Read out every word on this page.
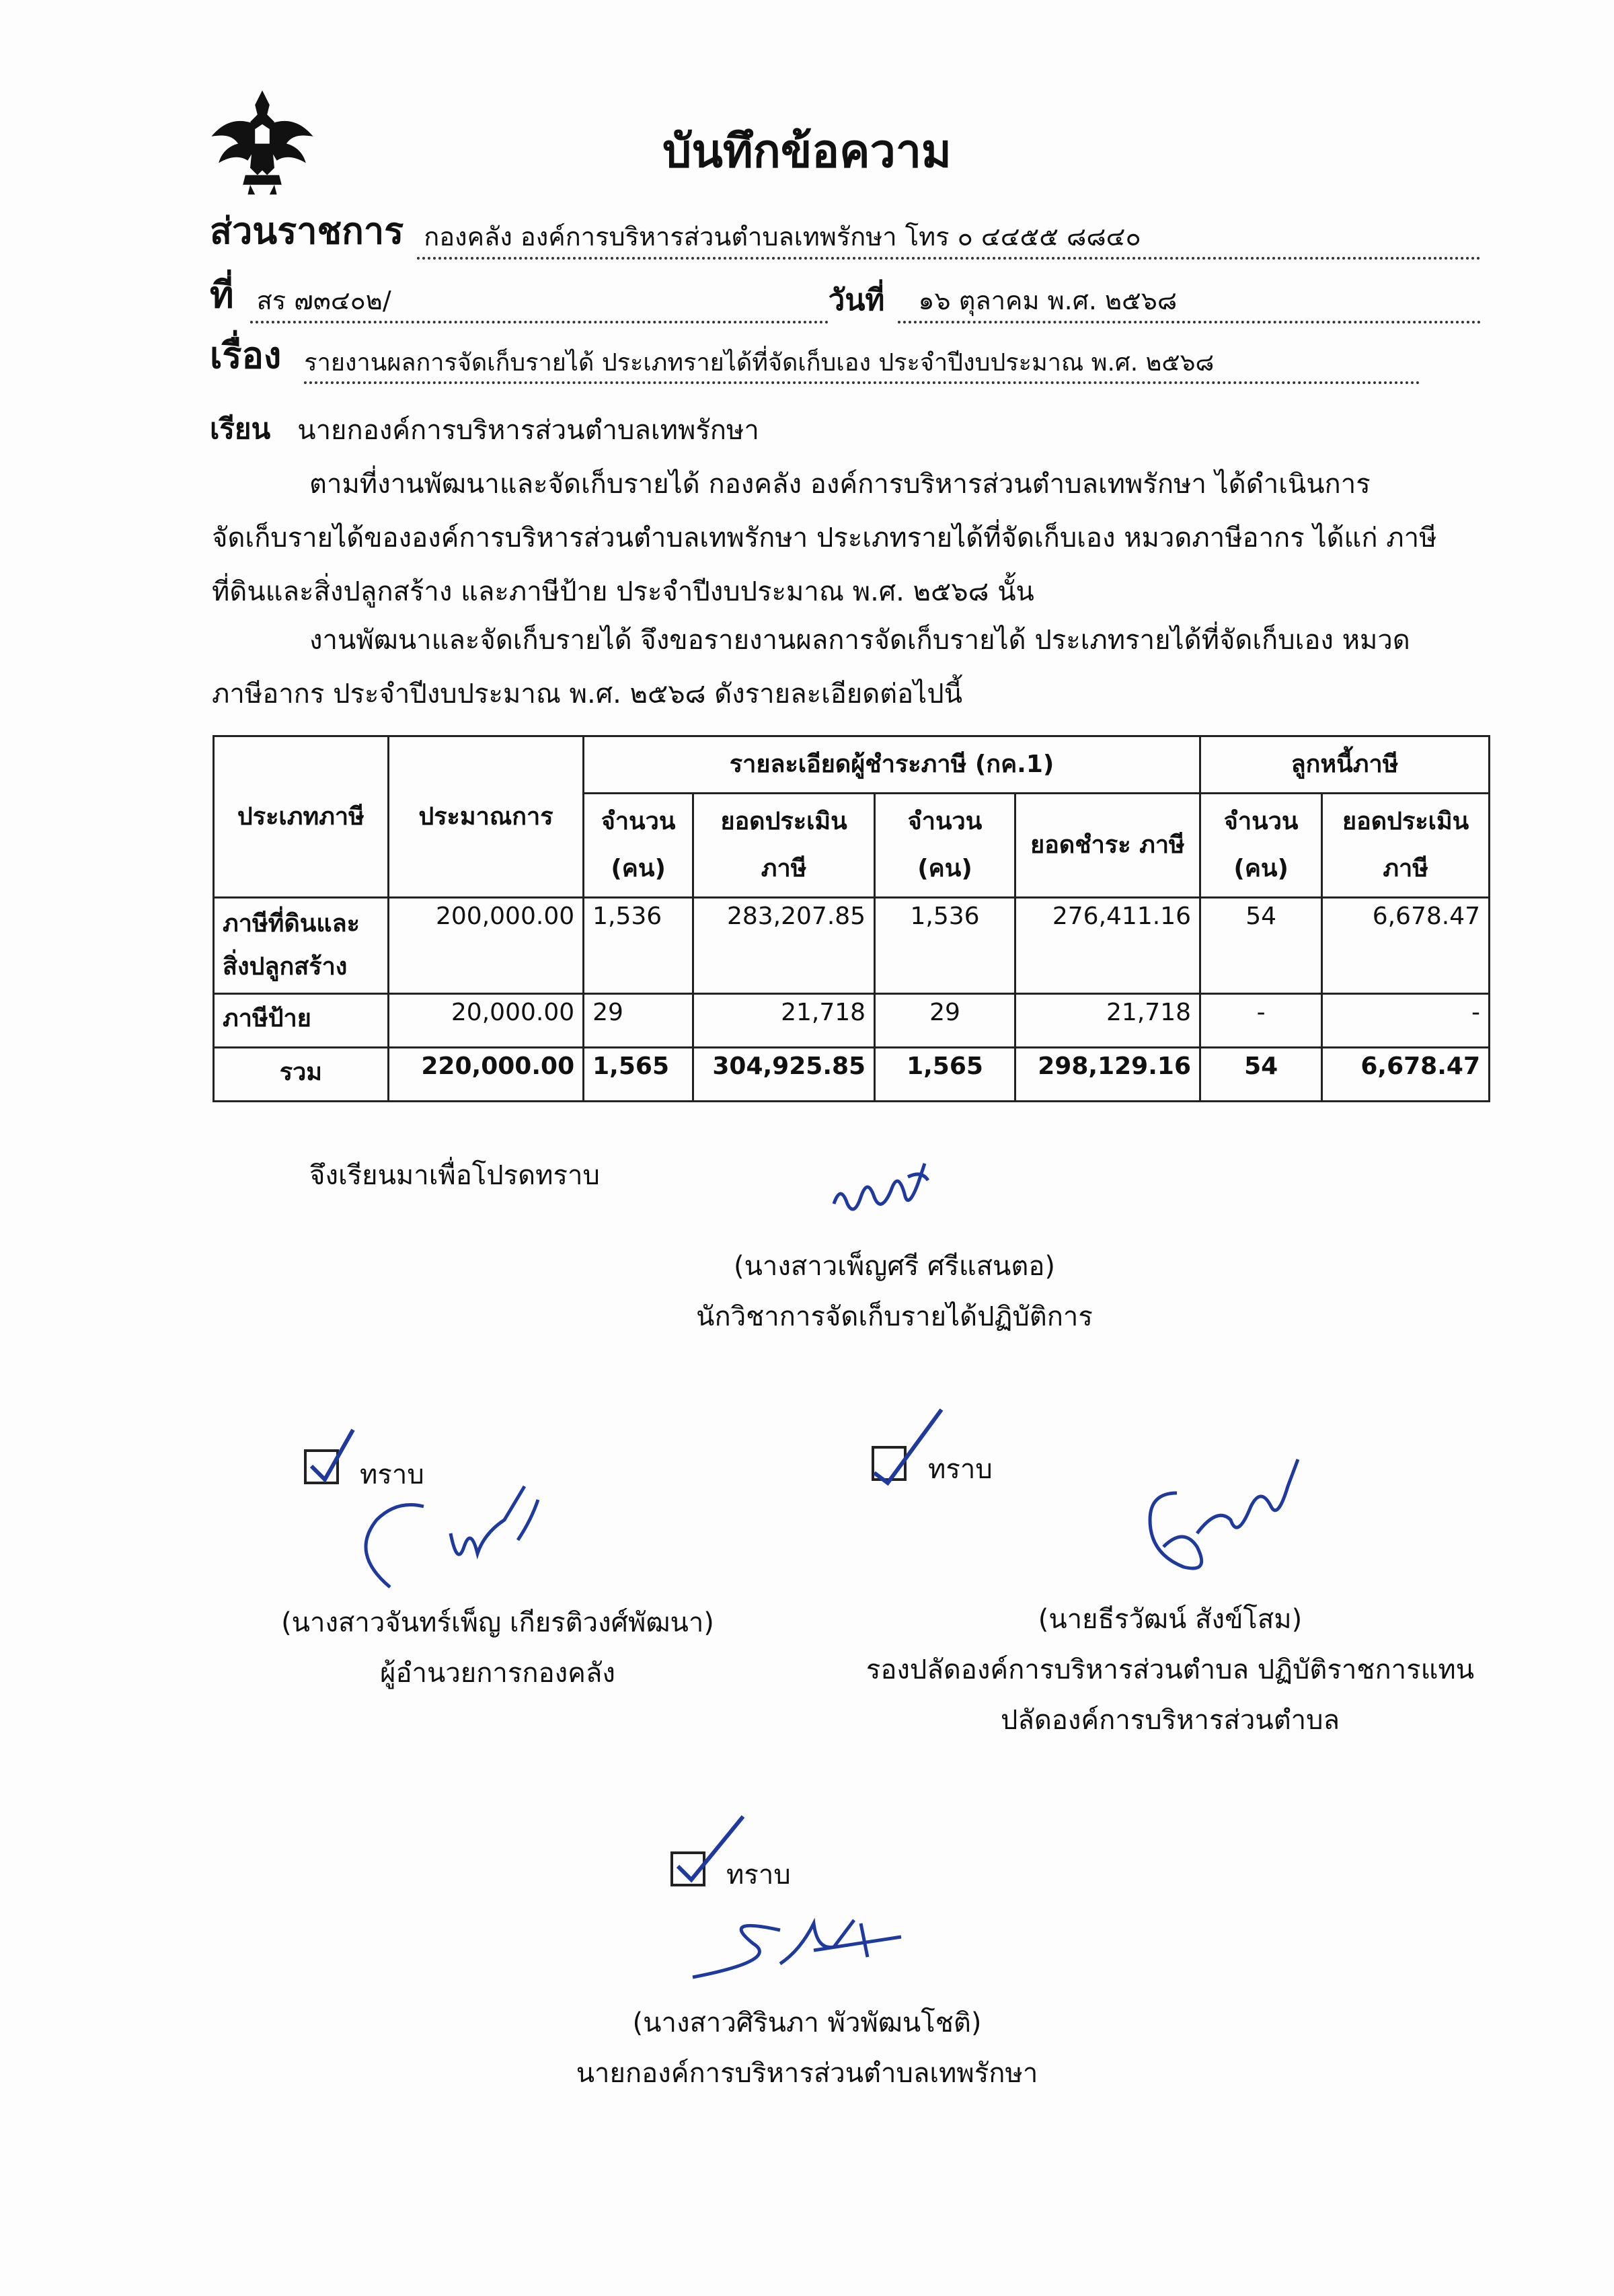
บันทึกข้อความ
ส่วนราชการ กองคลัง องค์การบริหารส่วนตำบลเทพรักษา โทร ๐ ๔๔๕๕ ๘๘๔๐
ที่ สร ๗๓๔๐๒/	วันที่	๑๖ ตุลาคม พ.ศ. ๒๕๖๘
เรื่อง รายงานผลการจัดเก็บรายได้ ประเภทรายได้ที่จัดเก็บเอง ประจำปีงบประมาณ พ.ศ. ๒๕๖๘
เรียน นายกองค์การบริหารส่วนตำบลเทพรักษา
ตามที่งานพัฒนาและจัดเก็บรายได้ กองคลัง องค์การบริหารส่วนตำบลเทพรักษา ได้ดำเนินการ
จัดเก็บรายได้ขององค์การบริหารส่วนตำบลเทพรักษา ประเภทรายได้ที่จัดเก็บเอง หมวดภาษีอากร ได้แก่ ภาษี
ที่ดินและสิ่งปลูกสร้าง และภาษีป้าย ประจำปีงบประมาณ พ.ศ. ๒๕๖๘ นั้น
งานพัฒนาและจัดเก็บรายได้ จึงขอรายงานผลการจัดเก็บรายได้ ประเภทรายได้ที่จัดเก็บเอง หมวด
ภาษีอากร ประจำปีงบประมาณ พ.ศ. ๒๕๖๘ ดังรายละเอียดต่อไปนี้
ประเภทภาษี	ประมาณการ	รายละเอียดผู้ชำระภาษี (กค.1)				ลูกหนี้ภาษี	
		จำนวน (คน)	ยอดประเมิน ภาษี	จำนวน (คน)	ยอดชำระ ภาษี	จำนวน (คน)	ยอดประเมิน ภาษี
ภาษีที่ดินและสิ่งปลูกสร้าง	200,000.00	1,536	283,207.85	1,536	276,411.16	54	6,678.47
ภาษีป้าย	20,000.00	29	21,718	29	21,718	-	-
รวม	220,000.00	1,565	304,925.85	1,565	298,129.16	54	6,678.47
จึงเรียนมาเพื่อโปรดทราบ
(นางสาวเพ็ญศรี ศรีแสนตอ)
นักวิชาการจัดเก็บรายได้ปฏิบัติการ
ทราบ
(นางสาวจันทร์เพ็ญ เกียรติวงศ์พัฒนา)
ผู้อำนวยการกองคลัง
ทราบ
(นายธีรวัฒน์ สังข์โสม)
รองปลัดองค์การบริหารส่วนตำบล ปฏิบัติราชการแทน
ปลัดองค์การบริหารส่วนตำบล
ทราบ
(นางสาวศิรินภา พัวพัฒนโชติ)
นายกองค์การบริหารส่วนตำบลเทพรักษา
